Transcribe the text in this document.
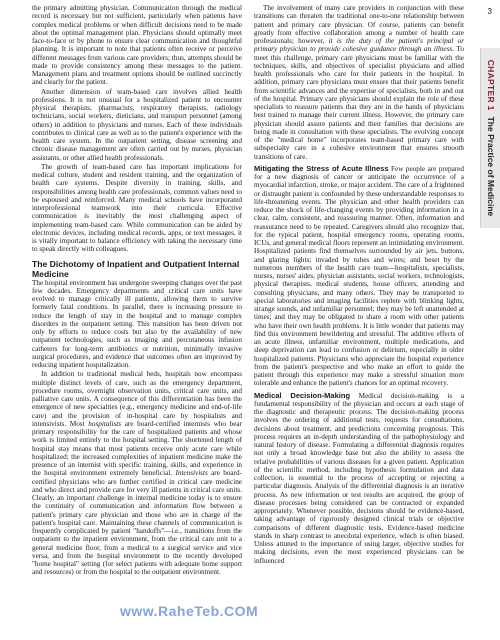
3

the primary admitting physician. Communication through the medical record is necessary but not sufficient, particularly when patients have complex medical problems or when difficult decisions need to be made about the optimal management plan. Physicians should optimally meet face-to-face or by phone to ensure clear communication and thoughtful planning. It is important to note that patients often receive or perceive different messages from various care providers; thus, attempts should be made to provide consistency among these messages to the patient. Management plans and treatment options should be outlined succinctly and clearly for the patient.

Another dimension of team-based care involves allied health professions. It is not unusual for a hospitalized patient to encounter physical therapists, pharmacists, respiratory therapists, radiology technicians, social workers, dieticians, and transport personnel (among others) in addition to physicians and nurses. Each of these individuals contributes to clinical care as well as to the patient's experience with the health care system. In the outpatient setting, disease screening and chronic disease management are often carried out by nurses, physician assistants, or other allied health professionals.

The growth of team-based care has important implications for medical culture, student and resident training, and the organization of health care systems. Despite diversity in training, skills, and responsibilities among health care professionals, common values need to be espoused and reinforced. Many medical schools have incorporated interprofessional teamwork into their curricula. Effective communication is inevitably the most challenging aspect of implementing team-based care. While communication can be aided by electronic devices, including medical records, apps, or text messages, it is vitally important to balance efficiency with taking the necessary time to speak directly with colleagues.

The Dichotomy of Inpatient and Outpatient Internal Medicine

The hospital environment has undergone sweeping changes over the past few decades. Emergency departments and critical care units have evolved to manage critically ill patients, allowing them to survive formerly fatal conditions. In parallel, there is increasing pressure to reduce the length of stay in the hospital and to manage complex disorders in the outpatient setting. This transition has been driven not only by efforts to reduce costs but also by the availability of new outpatient technologies, such as imaging and percutaneous infusion catheters for long-term antibiotics or nutrition, minimally invasive surgical procedures, and evidence that outcomes often are improved by reducing inpatient hospitalization.

In addition to traditional medical beds, hospitals now encompass multiple distinct levels of care, such as the emergency department, procedure rooms, overnight observation units, critical care units, and palliative care units. A consequence of this differentiation has been the emergence of new specialties (e.g., emergency medicine and end-of-life care) and the provision of in-hospital care by hospitalists and intensivists. Most hospitalists are board-certified internists who bear primary responsibility for the care of hospitalized patients and whose work is limited entirely to the hospital setting. The shortened length of hospital stay means that most patients receive only acute care while hospitalized; the increased complexities of inpatient medicine make the presence of an internist with specific training, skills, and experience in the hospital environment extremely beneficial. Intensivists are board-certified physicians who are further certified in critical care medicine and who direct and provide care for very ill patients in critical care units. Clearly, an important challenge in internal medicine today is to ensure the continuity of communication and information flow between a patient's primary care physician and those who are in charge of the patient's hospital care. Maintaining these channels of communication is frequently complicated by patient "handoffs"—i.e., transitions from the outpatient to the inpatient environment, from the critical care unit to a general medicine floor, from a medical to a surgical service and vice versa, and from the hospital environment to the recently developed "home hospital" setting (for select patients with adequate home support and resources) or from the hospital to the outpatient environment.

The involvement of many care providers in conjunction with these transitions can threaten the traditional one-to-one relationship between patient and primary care physician. Of course, patients can benefit greatly from effective collaboration among a number of health care professionals; however, it is the duty of the patient's principal or primary physician to provide cohesive guidance through an illness. To meet this challenge, primary care physicians must be familiar with the techniques, skills, and objectives of specialist physicians and allied health professionals who care for their patients in the hospital. In addition, primary care physicians must ensure that their patients benefit from scientific advances and the expertise of specialists, both in and out of the hospital. Primary care physicians should explain the role of these specialists to reassure patients that they are in the hands of physicians best trained to manage their current illness. However, the primary care physician should assure patients and their families that decisions are being made in consultation with these specialists. The evolving concept of the "medical home" incorporates team-based primary care with subspecialty care in a cohesive environment that ensures smooth transitions of care.

Mitigating the Stress of Acute Illness Few people are prepared for a new diagnosis of cancer or anticipate the occurrence of a myocardial infarction, stroke, or major accident. The care of a frightened or distraught patient is confounded by these understandable responses to life-threatening events. The physician and other health providers can reduce the shock of life-changing events by providing information in a clear, calm, consistent, and reassuring manner. Often, information and reassurance need to be repeated. Caregivers should also recognize that, for the typical patient, hospital emergency rooms, operating rooms, ICUs, and general medical floors represent an intimidating environment. Hospitalized patients find themselves surrounded by air jets, buttons, and glaring lights; invaded by tubes and wires; and beset by the numerous members of the health care team—hospitalists, specialists, nurses, nurses' aides, physician assistants, social workers, technologists, physical therapists, medical students, house officers, attending and consulting physicians, and many others. They may be transported to special laboratories and imaging facilities replete with blinking lights, strange sounds, and unfamiliar personnel; they may be left unattended at times; and they may be obligated to share a room with other patients who have their own health problems. It is little wonder that patients may find this environment bewildering and stressful. The additive effects of an acute illness, unfamiliar environment, multiple medications, and sleep deprivation can lead to confusion or delirium, especially in older hospitalized patients. Physicians who appreciate the hospital experience from the patient's perspective and who make an effort to guide the patient through this experience may make a stressful situation more tolerable and enhance the patient's chances for an optimal recovery.

Medical Decision-Making Medical decision-making is a fundamental responsibility of the physician and occurs at each stage of the diagnostic and therapeutic process. The decision-making process involves the ordering of additional tests, requests for consultations, decisions about treatment, and predictions concerning prognosis. This process requires an in-depth understanding of the pathophysiology and natural history of disease. Formulating a differential diagnosis requires not only a broad knowledge base but also the ability to assess the relative probabilities of various diseases for a given patient. Application of the scientific method, including hypothesis formulation and data collection, is essential to the process of accepting or rejecting a particular diagnosis. Analysis of the differential diagnosis is an iterative process. As new information or test results are acquired, the group of disease processes being considered can be contracted or expanded appropriately. Whenever possible, decisions should be evidence-based, taking advantage of rigorously designed clinical trials or objective comparisons of different diagnostic tests. Evidence-based medicine stands in sharp contrast to anecdotal experience, which is often biased. Unless attuned to the importance of using larger, objective studies for making decisions, even the most experienced physicians can be influenced

CHAPTER 1The Practice of Medicine
www.RaheTeb.COM
